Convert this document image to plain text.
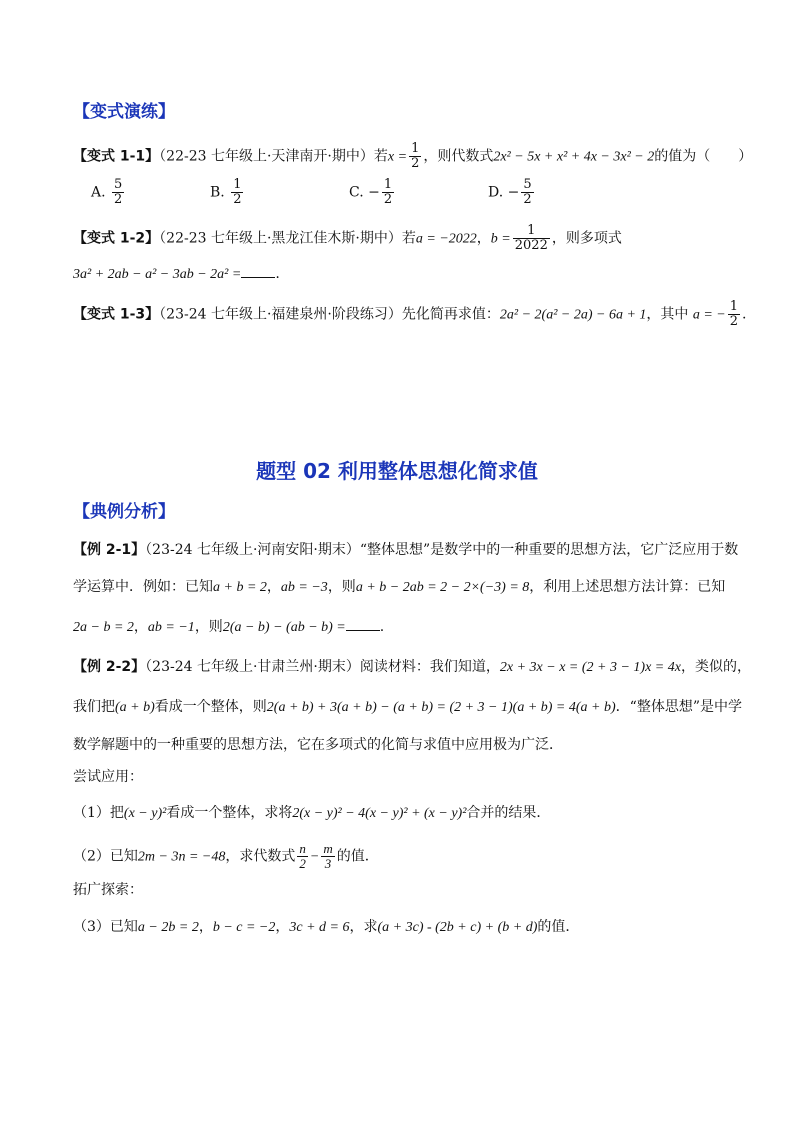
【变式演练】
【变式 1-1】（22-23 七年级上·天津南开·期中）若$x = \frac{1}{2}$ ，则代数式2x² − 5x + x² + 4x − 3x² − 2的值为（　　）
A. $\frac{5}{2}$	B. $\frac{1}{2}$	C. − $\frac{1}{2}$	D. − $\frac{5}{2}$
【变式 1-2】（22-23 七年级上·黑龙江佳木斯·期中）若a = −2022，$b = \frac{1}{2022}$ ，则多项式
3a² + 2ab − a² − 3ab − 2a² = .
【变式 1-3】（23-24 七年级上·福建泉州·阶段练习）先化简再求值：2a² − 2(a² − 2a) − 6a + 1，其中 a = − $\frac{1}{2}$ .
题型 02 利用整体思想化简求值
【典例分析】
【例 2-1】（23-24 七年级上·河南安阳·期末）“整体思想”是数学中的一种重要的思想方法，它广泛应用于数
学运算中．例如：已知a + b = 2，ab = −3，则a + b − 2ab = 2 − 2×(−3) = 8，利用上述思想方法计算：已知
2a − b = 2，ab = −1，则2(a − b) − (ab − b) = .
【例 2-2】（23-24 七年级上·甘肃兰州·期末）阅读材料：我们知道，2x + 3x − x = (2 + 3 − 1)x = 4x，类似的，
我们把(a + b)看成一个整体，则2(a + b) + 3(a + b) − (a + b) = (2 + 3 − 1)(a + b) = 4(a + b)．“整体思想”是中学
数学解题中的一种重要的思想方法，它在多项式的化简与求值中应用极为广泛．
尝试应用：
（1）把(x − y)²看成一个整体，求将2(x − y)² − 4(x − y)² + (x − y)²合并的结果．
（2）已知2m − 3n = −48，求代数式 $\frac{n}{2} - \frac{m}{3}$ 的值．
拓广探索：
（3）已知a − 2b = 2，b − c = −2，3c + d = 6，求(a + 3c) - (2b + c) + (b + d)的值．
